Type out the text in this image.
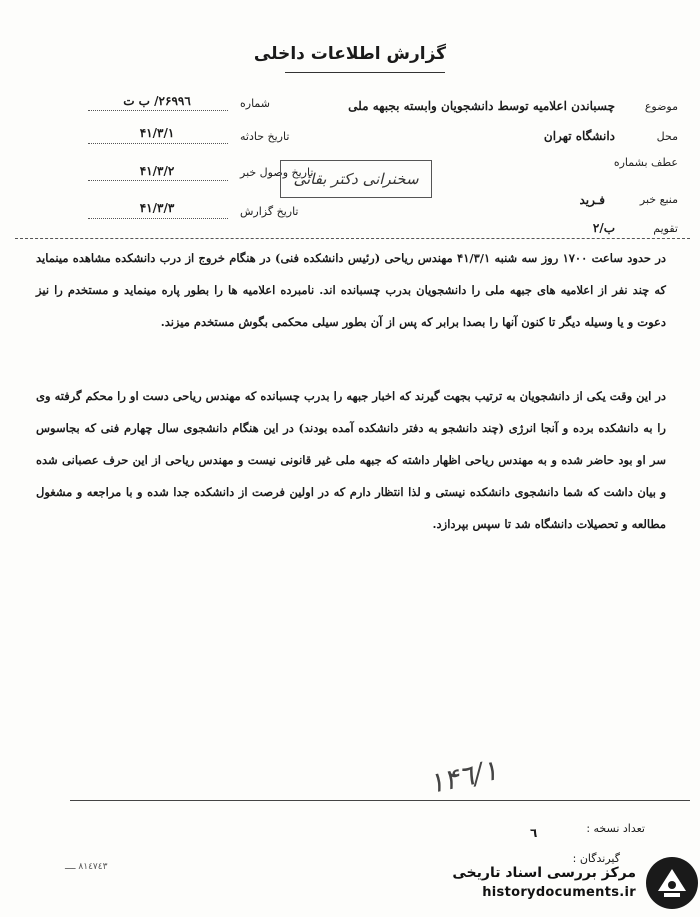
گزارش اطلاعات داخلی
موضوع
چسباندن اعلامیه توسط دانشجویان وابسته بجبهه ملی
محل
دانشگاه تهران
عطف بشماره
منبع خبر
فـرید
تقویم
ب/٢
شماره
٢۶٩٩٦/ ب ت
تاریخ حادثه
۴١/٣/١
تاریخ وصول خبر
۴١/٣/٢
تاریخ گزارش
۴١/٣/٣
سخنرانی دکتر بقائی
در حدود ساعت ١٧٠٠ روز سه شنبه ۴١/٣/١ مهندس ریاحی (رئیس دانشکده فنی) در هنگام خروج از درب دانشکده مشاهده مینماید که چند نفر از اعلامیه های جبهه ملی را دانشجویان بدرب چسبانده اند. نامبرده اعلامیه ها را بطور پاره مینماید و مستخدم را نیز دعوت و یا وسیله دیگر تا کنون آنها را بصدا برابر که پس از آن بطور سیلی محکمی بگوش مستخدم میزند.
در این وقت یکی از دانشجویان به ترتیب بجهت گیرند که اخبار جبهه را بدرب چسبانده که مهندس ریاحی دست او را محکم گرفته وی را به دانشکده برده و آنجا انرژی (چند دانشجو به دفتر دانشکده آمده بودند) در این هنگام دانشجوی سال چهارم فنی که بجاسوس سر او بود حاضر شده و به مهندس ریاحی اظهار داشته که جبهه ملی غیر قانونی نیست و مهندس ریاحی از این حرف عصبانی شده و بیان داشت که شما دانشجوی دانشکده نیستی و لذا انتظار دارم که در اولین فرصت از دانشکده جدا شده و با مراجعه و مشغول مطالعه و تحصیلات دانشگاه شد تا سپس بپردازد.
١۴٦/١
تعداد نسخه :
٦
گیرندگان :
٨١٤٧٤٣ ــــ	مرکز بررسی اسناد تاریخی
historydocuments.ir
